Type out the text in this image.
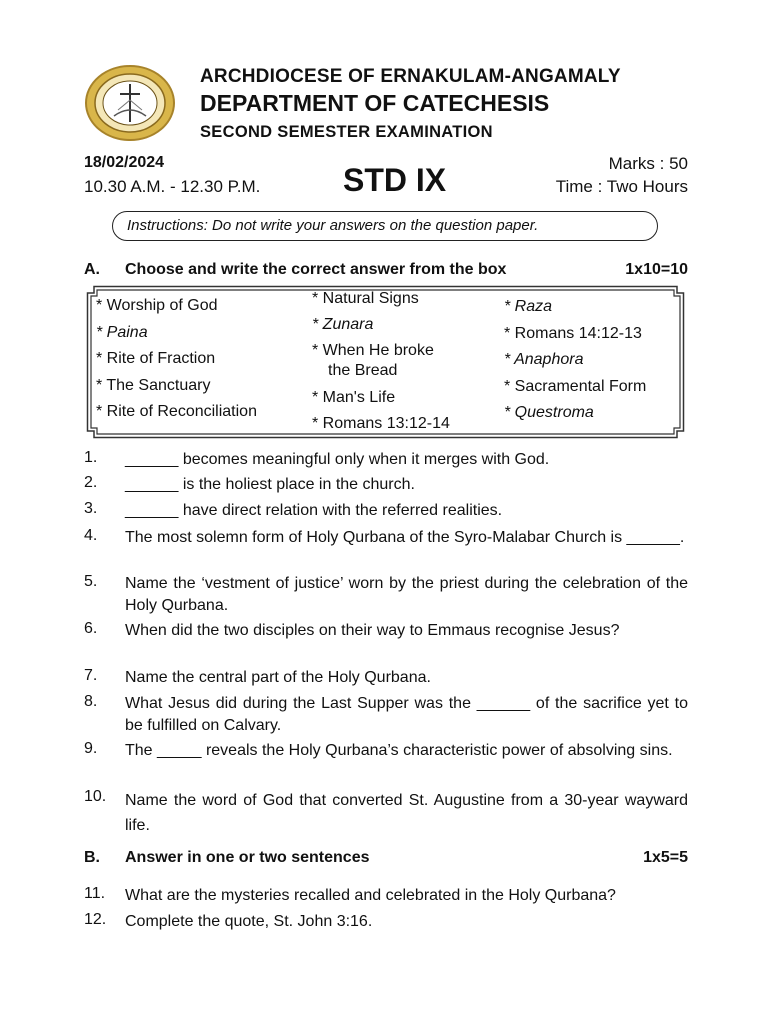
ARCHDIOCESE OF ERNAKULAM-ANGAMALY
DEPARTMENT OF CATECHESIS
SECOND SEMESTER EXAMINATION
18/02/2024
10.30 A.M. - 12.30 P.M.	STD IX	Marks : 50
Time : Two Hours
Instructions: Do not write your answers on the question paper.
A. Choose and write the correct answer from the box	1x10=10
* Worship of God
* Paina
* Rite of Fraction
* The Sanctuary
* Rite of Reconciliation
* Natural Signs
* Zunara
* When He broke
the Bread
* Man's Life
* Romans 13:12-14
* Raza
* Romans 14:12-13
* Anaphora
* Sacramental Form
* Questroma
1. ______ becomes meaningful only when it merges with God.
2. ______ is the holiest place in the church.
3. ______ have direct relation with the referred realities.
4. The most solemn form of Holy Qurbana of the Syro-Malabar Church is ______.
5. Name the ‘vestment of justice’ worn by the priest during the celebration of the Holy Qurbana.
6. When did the two disciples on their way to Emmaus recognise Jesus?
7. Name the central part of the Holy Qurbana.
8. What Jesus did during the Last Supper was the ______ of the sacrifice yet to be fulfilled on Calvary.
9. The _____ reveals the Holy Qurbana’s characteristic power of absolving sins.
10. Name the word of God that converted St. Augustine from a 30-year wayward life.
B. Answer in one or two sentences	1x5=5
11. What are the mysteries recalled and celebrated in the Holy Qurbana?
12. Complete the quote, St. John 3:16.
